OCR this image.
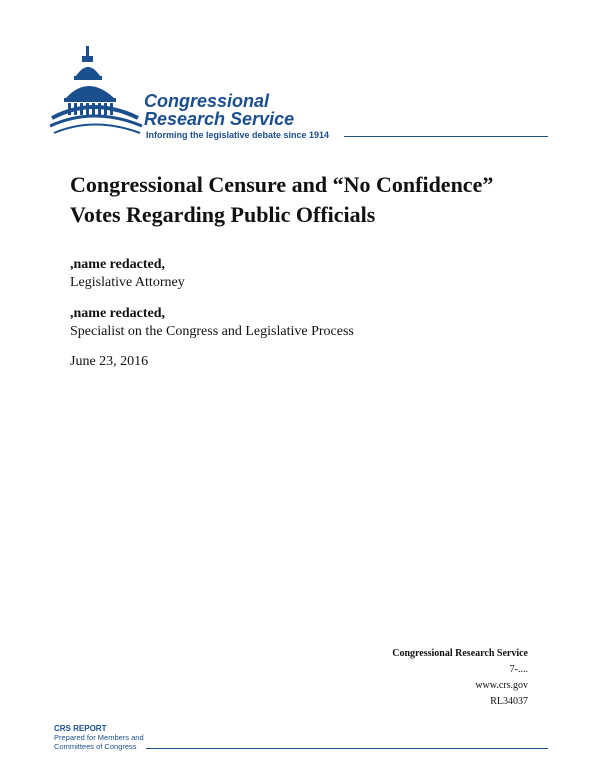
Congressional
Research Service
Informing the legislative debate since 1914
Congressional Censure and “No Confidence” Votes Regarding Public Officials
,name redacted,
Legislative Attorney
,name redacted,
Specialist on the Congress and Legislative Process
June 23, 2016
Congressional Research Service
7-....
www.crs.gov
RL34037
CRS REPORT
Prepared for Members and
Committees of Congress
